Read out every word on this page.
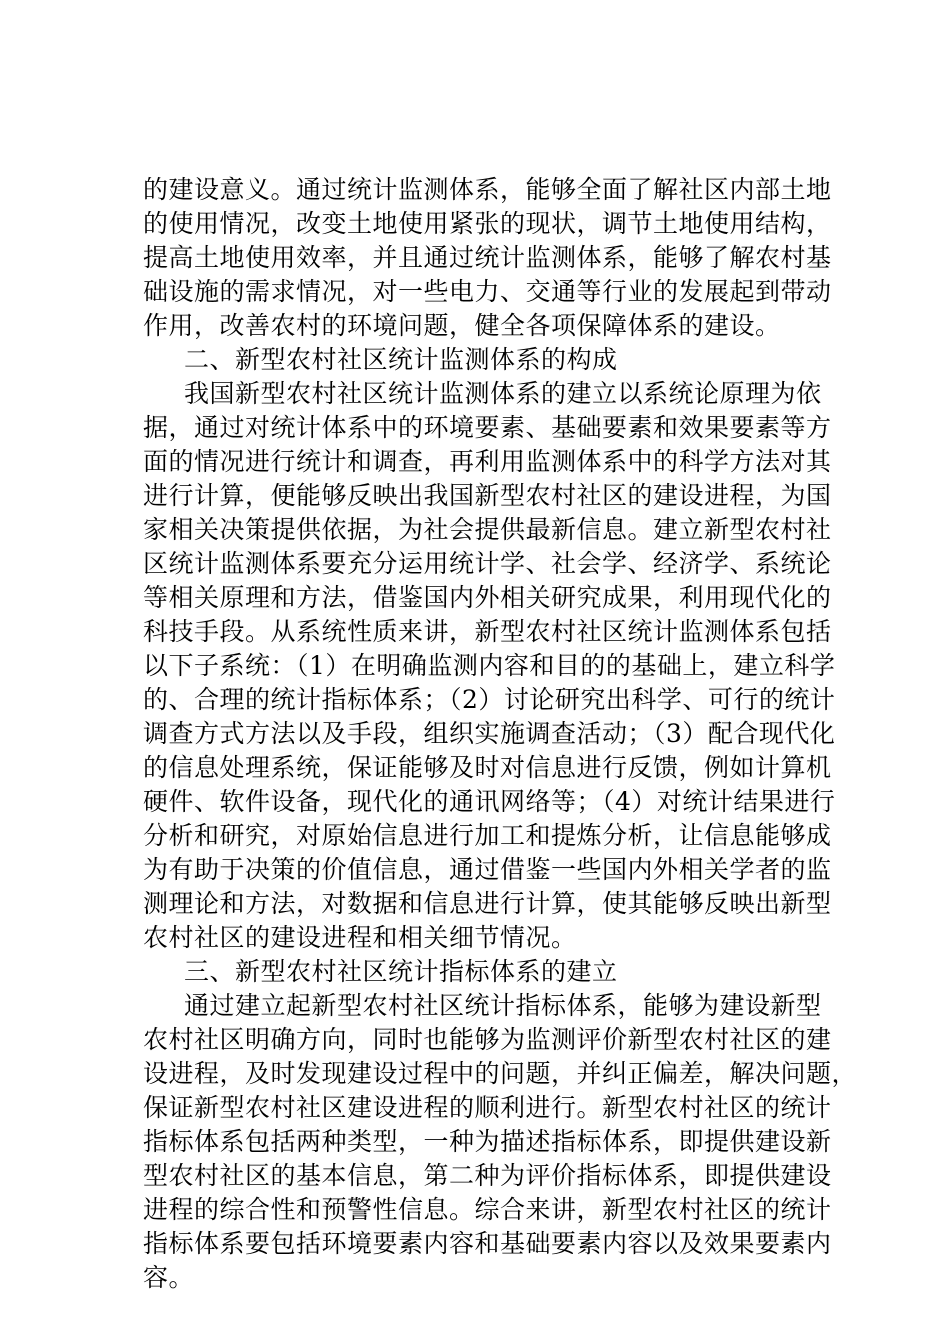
的建设意义。通过统计监测体系，能够全面了解社区内部土地
的使用情况，改变土地使用紧张的现状，调节土地使用结构，
提高土地使用效率，并且通过统计监测体系，能够了解农村基
础设施的需求情况，对一些电力、交通等行业的发展起到带动
作用，改善农村的环境问题，健全各项保障体系的建设。
二、新型农村社区统计监测体系的构成
我国新型农村社区统计监测体系的建立以系统论原理为依
据，通过对统计体系中的环境要素、基础要素和效果要素等方
面的情况进行统计和调查，再利用监测体系中的科学方法对其
进行计算，便能够反映出我国新型农村社区的建设进程，为国
家相关决策提供依据，为社会提供最新信息。建立新型农村社
区统计监测体系要充分运用统计学、社会学、经济学、系统论
等相关原理和方法，借鉴国内外相关研究成果，利用现代化的
科技手段。从系统性质来讲，新型农村社区统计监测体系包括
以下子系统：（1）在明确监测内容和目的的基础上，建立科学
的、合理的统计指标体系；（2）讨论研究出科学、可行的统计
调查方式方法以及手段，组织实施调查活动；（3）配合现代化
的信息处理系统，保证能够及时对信息进行反馈，例如计算机
硬件、软件设备，现代化的通讯网络等；（4）对统计结果进行
分析和研究，对原始信息进行加工和提炼分析，让信息能够成
为有助于决策的价值信息，通过借鉴一些国内外相关学者的监
测理论和方法，对数据和信息进行计算，使其能够反映出新型
农村社区的建设进程和相关细节情况。
三、新型农村社区统计指标体系的建立
通过建立起新型农村社区统计指标体系，能够为建设新型
农村社区明确方向，同时也能够为监测评价新型农村社区的建
设进程，及时发现建设过程中的问题，并纠正偏差，解决问题，
保证新型农村社区建设进程的顺利进行。新型农村社区的统计
指标体系包括两种类型，一种为描述指标体系，即提供建设新
型农村社区的基本信息，第二种为评价指标体系，即提供建设
进程的综合性和预警性信息。综合来讲，新型农村社区的统计
指标体系要包括环境要素内容和基础要素内容以及效果要素内
容。
